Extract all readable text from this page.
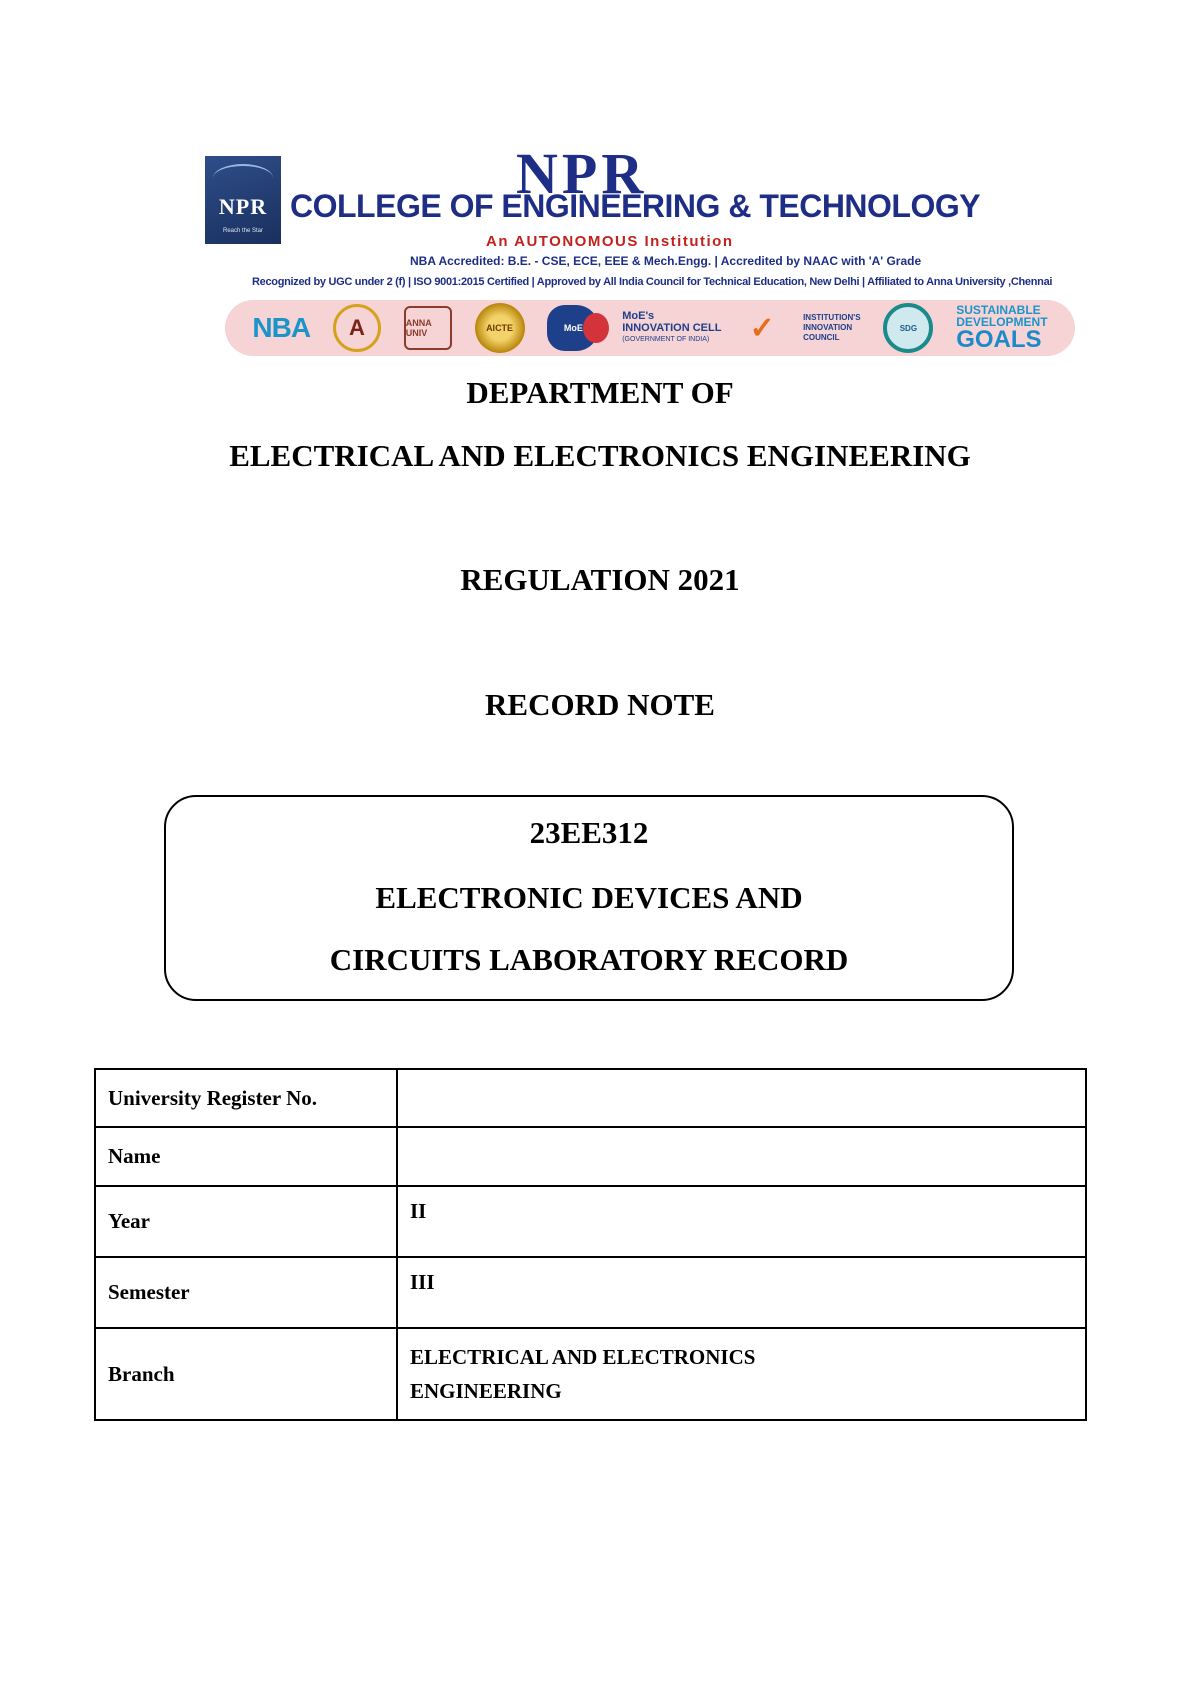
NPR
Reach the Star
NPR
COLLEGE OF ENGINEERING & TECHNOLOGY
An AUTONOMOUS Institution
NBA Accredited: B.E. - CSE, ECE, EEE & Mech.Engg. | Accredited by NAAC with 'A' Grade
Recognized by UGC under 2 (f) | ISO 9001:2015 Certified | Approved by All India Council for Technical Education, New Delhi | Affiliated to Anna University ,Chennai
NBA	A	ANNA UNIV	AICTE	MoE
MoE's
INNOVATION CELL
(GOVERNMENT OF INDIA) ✓	INSTITUTION'S
INNOVATION
COUNCIL
SDG
SUSTAINABLE
DEVELOPMENT
GOALS
DEPARTMENT OF
ELECTRICAL AND ELECTRONICS ENGINEERING
REGULATION 2021
RECORD NOTE
23EE312
ELECTRONIC DEVICES AND
CIRCUITS LABORATORY RECORD
University Register No.	
Name	
Year	II
Semester	III
Branch	ELECTRICAL AND ELECTRONICS
ENGINEERING
